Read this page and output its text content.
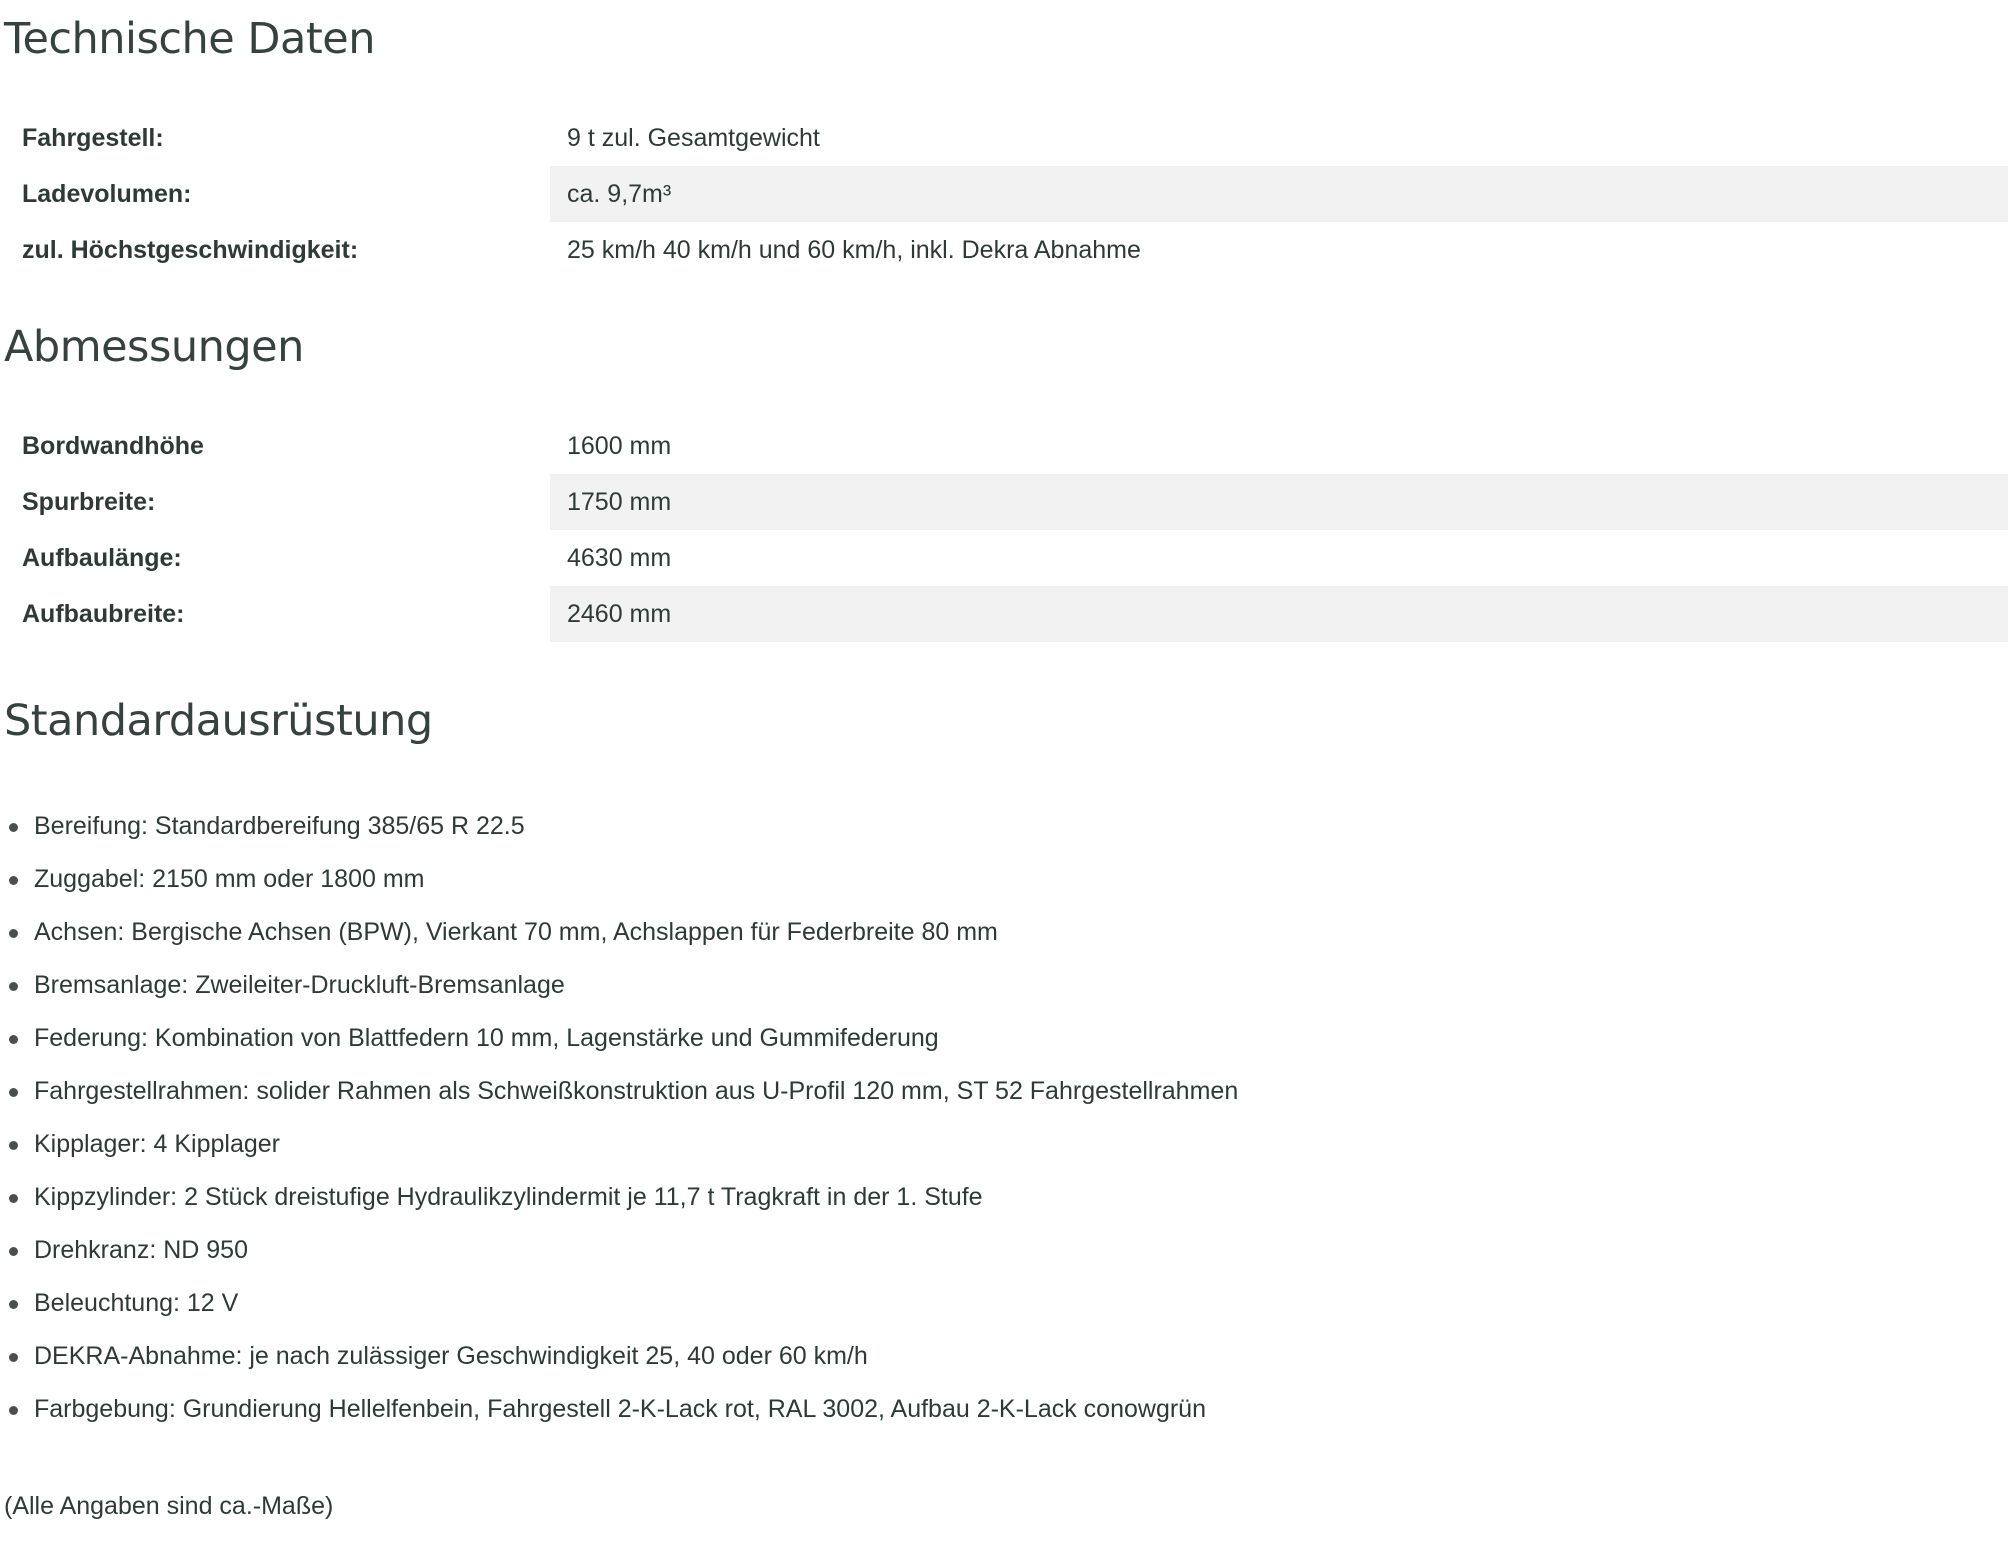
Technische Daten
Fahrgestell:	9 t zul. Gesamtgewicht
Ladevolumen:	ca. 9,7m³
zul. Höchstgeschwindigkeit:	25 km/h 40 km/h und 60 km/h, inkl. Dekra Abnahme
Abmessungen
Bordwandhöhe	1600 mm
Spurbreite:	1750 mm
Aufbaulänge:	4630 mm
Aufbaubreite:	2460 mm
Standardausrüstung
Bereifung: Standardbereifung 385/65 R 22.5
Zuggabel: 2150 mm oder 1800 mm
Achsen: Bergische Achsen (BPW), Vierkant 70 mm, Achslappen für Federbreite 80 mm
Bremsanlage: Zweileiter-Druckluft-Bremsanlage
Federung: Kombination von Blattfedern 10 mm, Lagenstärke und Gummifederung
Fahrgestellrahmen: solider Rahmen als Schweißkonstruktion aus U-Profil 120 mm, ST 52 Fahrgestellrahmen
Kipplager: 4 Kipplager
Kippzylinder: 2 Stück dreistufige Hydraulikzylindermit je 11,7 t Tragkraft in der 1. Stufe
Drehkranz: ND 950
Beleuchtung: 12 V
DEKRA-Abnahme: je nach zulässiger Geschwindigkeit 25, 40 oder 60 km/h
Farbgebung: Grundierung Hellelfenbein, Fahrgestell 2-K-Lack rot, RAL 3002, Aufbau 2-K-Lack conowgrün
(Alle Angaben sind ca.-Maße)
